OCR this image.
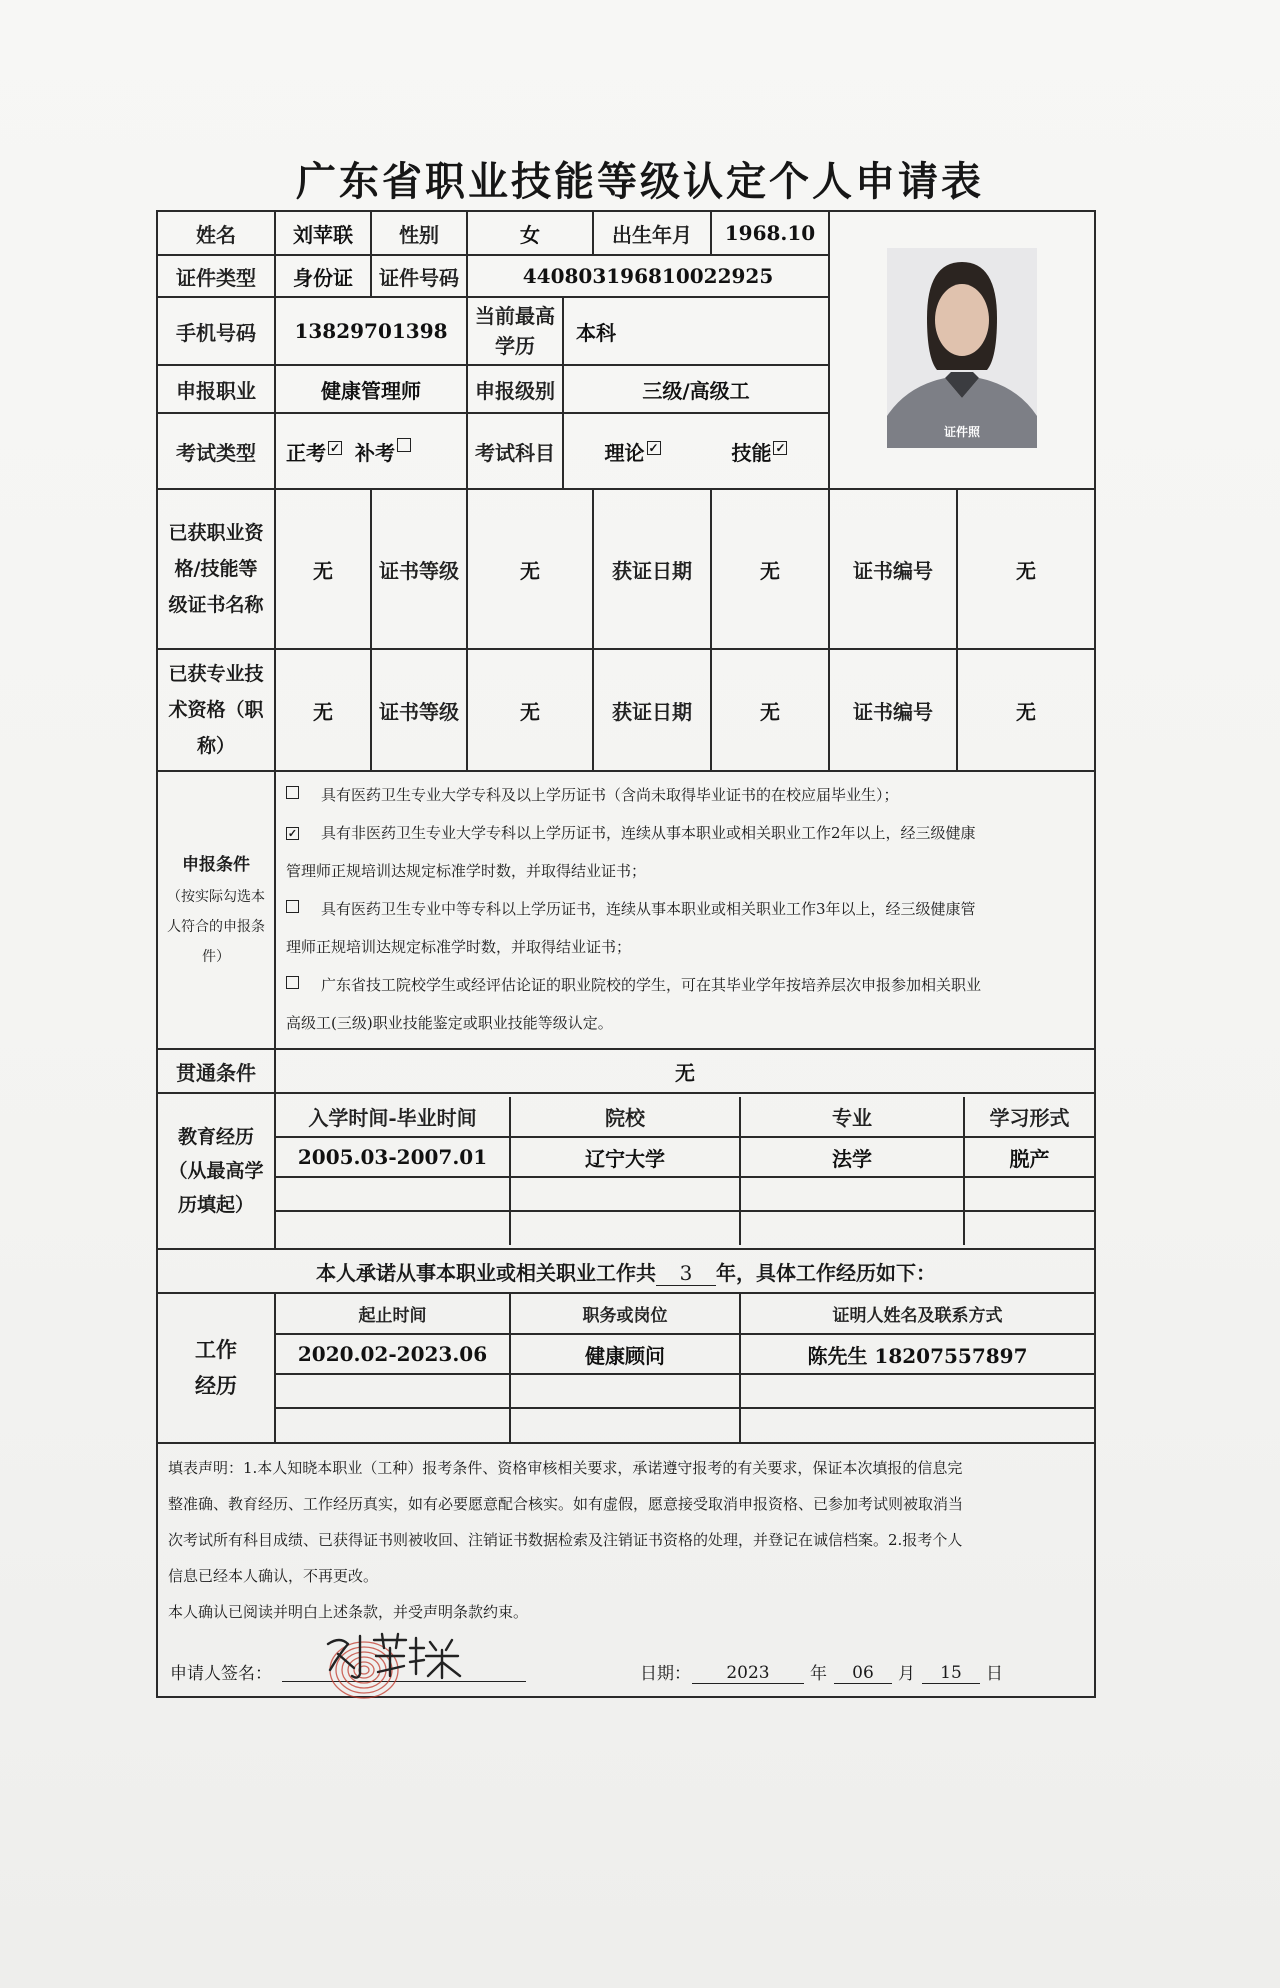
广东省职业技能等级认定个人申请表
姓名	刘苹联	性别	女	出生年月	1968.10	
证件照

证件类型	身份证	证件号码	440803196810022925
手机号码	13829701398	当前最高学历	本科
申报职业	健康管理师	申报级别	三级/高级工
考试类型	正考 ✓ 补考	考试科目	理论 ✓	技能 ✓
已获职业资格/技能等级证书名称	无	证书等级	无	获证日期	无	证书编号	无
已获专业技术资格（职称）	无	证书等级	无	获证日期	无	证书编号	无

申报条件
（按实际勾选本人符合的申报条件）

具有医药卫生专业大学专科及以上学历证书（含尚未取得毕业证书的在校应届毕业生）；

✓ 具有非医药卫生专业大学专科以上学历证书，连续从事本职业或相关职业工作2年以上，经三级健康

管理师正规培训达规定标准学时数，并取得结业证书；

具有医药卫生专业中等专科以上学历证书，连续从事本职业或相关职业工作3年以上，经三级健康管

理师正规培训达规定标准学时数，并取得结业证书；

广东省技工院校学生或经评估论证的职业院校的学生，可在其毕业学年按培养层次申报参加相关职业

高级工(三级)职业技能鉴定或职业技能等级认定。

贯通条件	无
教育经历（从最高学历填起）	
入学时间-毕业时间	院校	专业	学习形式
2005.03-2007.01	辽宁大学	法学	脱产

本人承诺从事本职业或相关职业工作共 3 年，具体工作经历如下：
工作经历	
起止时间	职务或岗位	证明人姓名及联系方式
2020.02-2023.06	健康顾问	陈先生 18207557897

填表声明：1.本人知晓本职业（工种）报考条件、资格审核相关要求，承诺遵守报考的有关要求，保证本次填报的信息完

整准确、教育经历、工作经历真实，如有必要愿意配合核实。如有虚假，愿意接受取消申报资格、已参加考试则被取消当

次考试所有科目成绩、已获得证书则被收回、注销证书数据检索及注销证书资格的处理，并登记在诚信档案。2.报考个人

信息已经本人确认，不再更改。

本人确认已阅读并明白上述条款，并受声明条款约束。

申请人签名：	日期：	2023	年	06	月	15	日
